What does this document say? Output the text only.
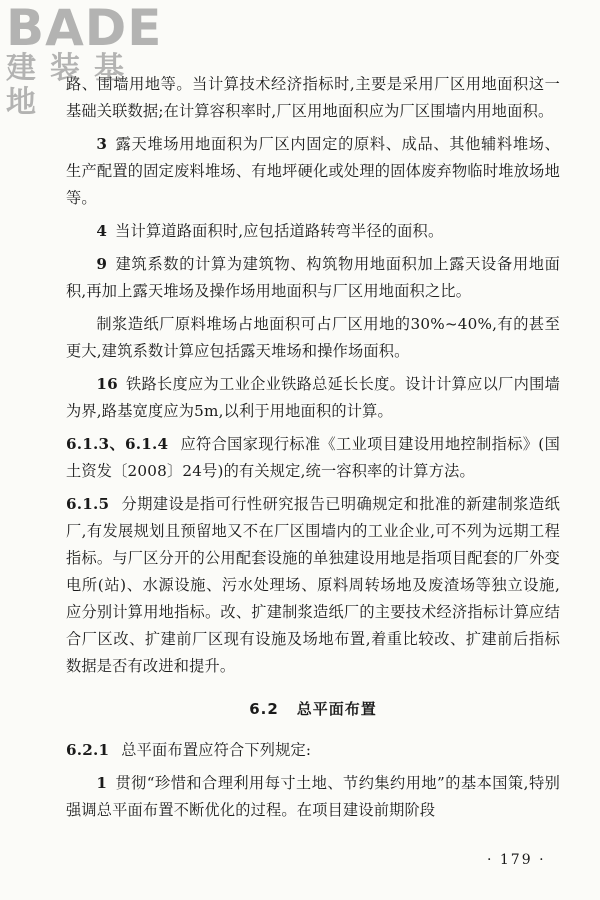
BADE
建装基地

路、围墙用地等。当计算技术经济指标时,主要是采用厂区用地面积这一基础关联数据;在计算容积率时,厂区用地面积应为厂区围墙内用地面积。

3 露天堆场用地面积为厂区内固定的原料、成品、其他辅料堆场、生产配置的固定废料堆场、有地坪硬化或处理的固体废弃物临时堆放场地等。

4 当计算道路面积时,应包括道路转弯半径的面积。

9 建筑系数的计算为建筑物、构筑物用地面积加上露天设备用地面积,再加上露天堆场及操作场用地面积与厂区用地面积之比。

制浆造纸厂原料堆场占地面积可占厂区用地的30%~40%,有的甚至更大,建筑系数计算应包括露天堆场和操作场面积。

16 铁路长度应为工业企业铁路总延长长度。设计计算应以厂内围墙为界,路基宽度应为5m,以利于用地面积的计算。

6.1.3、6.1.4 应符合国家现行标准《工业项目建设用地控制指标》(国土资发〔2008〕24号)的有关规定,统一容积率的计算方法。

6.1.5 分期建设是指可行性研究报告已明确规定和批准的新建制浆造纸厂,有发展规划且预留地又不在厂区围墙内的工业企业,可不列为远期工程指标。与厂区分开的公用配套设施的单独建设用地是指项目配套的厂外变电所(站)、水源设施、污水处理场、原料周转场地及废渣场等独立设施,应分别计算用地指标。改、扩建制浆造纸厂的主要技术经济指标计算应结合厂区改、扩建前厂区现有设施及场地布置,着重比较改、扩建前后指标数据是否有改进和提升。

6.2 总平面布置

6.2.1 总平面布置应符合下列规定:

1 贯彻“珍惜和合理利用每寸土地、节约集约用地”的基本国策,特别强调总平面布置不断优化的过程。在项目建设前期阶段

· 179 ·
